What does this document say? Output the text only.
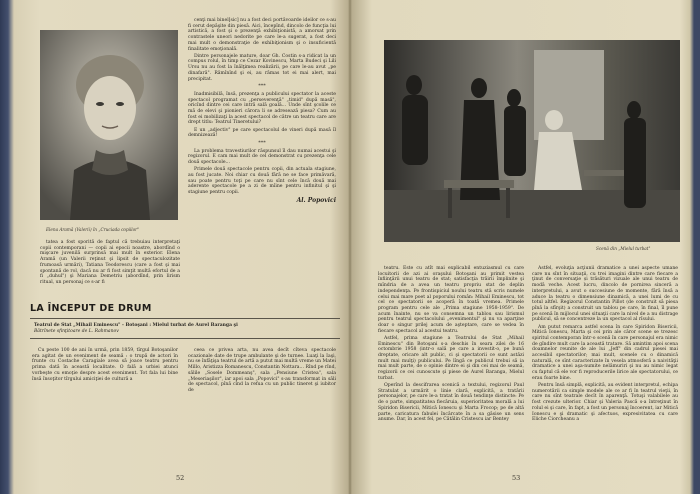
Elena Aramă (Valerii) în „Cruciada copiilor"

cenţi mai binel[sic] nu a fost deci portăvoarde ideilor ce s-au fi cerut depăşite din piesă. Aici, începînd, dincolo de funcţia lui artistică, a fost şi o prezenţă exhibiţionistă, a amorsat prin contrastele uneori nedorite pe care le-a sugerat, a fost deci mai mult o demonstraţie de exhibiţionism şi o insuficientă finalitate emoţională.

Dintre personajele mature, doar Gh. Costin s-a ridicat la un compus rolul, în timp ce Cezar Kovinescu, Marta Budeci şi Lili Ursu nu au fost la înălţimea realizării, pe care le-au avut „pe dinafară". Rămînînd şi ei, au rămas tot ei mai alert, mai precipitat.

***

Inadmisibilă, însă, prezenţa a publicului spectator la aceste spectacol programat cu „perseverenţă" „timid" după masă", oricînd dintre cei care intră sală goală... Unde sînt şcolile ce mă de elevi şi pionieri cărora li se adresează piesa? Cum au fost ei mobilizaţi la acest spectacol de către un teatru care are drept titlu: Teatrul Tineretului?

E un „adjectiv" pe care spectacolul de vineri după masă îl demnizează!

***

La problema travestiurilor răspunsul îl dau numai acestui şi regizorul. E cam mai mult de cel demonstrat cu prezenţa cele două spectacole...

Primele două spectacole pentru copii, din actuala stagiune, au fost jucate. Noi chiar cu două fără ne se face primăvară, sau poate pentru toţi pe care nu sînt cele încă două mai aderente spectacole pe a zi de mîine pentru infinitul şi şi stagiune pentru copii.

Al. Popovici

tatea a fost sporită de faptul că trebuiau interpretaţi copii contemporani — copii ai epocii noastre, abordînd o mişcare juvenilă surprinsă mai mult în exterior. Elena Aramă (un Valerii reţinut şi lipsit de spectaculozitate frumoasă urmări), Tatiana Teodorescu (care a fost şi mai spontană de rol, dacă nu ar fi fost simţit multă efortul de a fi „duhul") şi Mariana Demetriu (abordînd, prin lirism ritual, un personaj ce s-ar fi

LA ÎNCEPUT DE DRUM
Teatrul de Stat „Mihail Eminescu" - Botoşani : Mielul turbat de Aurel Baranga şi
Bătrînete sfinţitoare de L. Rahmanov

Cu peste 100 de ani în urmă, prin 1859, tîrgul Botoşanilor era agitat de un eveniment de seamă : o trupă de actori în frunte cu Costache Caragiale avea să joace teatru pentru prima dată în această localitate. O fală a urbiei atunci vorbeşte cu emoţie despre acest eveniment. Tot fala lui bine însă însoţitor tîrgului amiciţiei de cultură a

ceea ce privea arta, nu avea decît cîteva spectacole ocazionale date de trupe ambulante şi de turnee. Luaţi la Iaşi, nu se înfăţişa teatrul de artă a putut mai multă vreme un Matei Millo, Aristizza Romanescu, Constantin Nottara... Rînd pe rînd, sălile „Sosele Dommeanş", sala „Pensiune Cristea", sala „Meseriaşilor", iar apoi sala „Popovici" s-au transformat in săli de spectacol, pînă cînd la refua cu un public tineret şi iubitor de

52
Scenă din „Mielul turbat"

teatru. Este cu atît mai explicabil entuziasmul cu care locuitorii de azi ai oraşului Botoşani au primit vestea înfiinţării unui teatru de stat; satisfacţia trăirii împlinite şi mîndria de a avea un teatru propriu stat de deplin independenţa. Pe frontispiciul noului teatru stă scris numele celui mai mare poet al poporului român: Mihail Eminescu, tot cel ce spectatorii se acoperă în toată vremea. Primele program pentru cele ale „Prima stagiune 1958-1959". De acum înainte, nu se va consemna un tablou sau lirismul pentru teatrul spectacolului „evenimentul" şi nu va aparţine doar o singur prilej acum de aşteptare, care se vedea în fiecare spectacol al acestui teatru.

Astfel, prima stagiune a Teatrului de Stat „Mihail Eminescu" din Botoşani s-a deschis în seara zilei de 16 octombrie 1958 (intr-o sală pe care a investit-o, pe bună dreptate, oricare alt public, ci şi spectatorii ce sunt astăzi mult mai mulţi) publicului. Pe lîngă ce publicul trebui să ia mai mult parte, de o opinie dintre ei şi din cei mai de seamă, regizorii ce cei cunoscute şi piese de Aurel Baranga, Mielul turbat.

Operînd la descifrarea scenică a textului, regizorul Paul Stratulat a urmărit o linie clară, explicită, a tratării personajelor, pe care le-a tratat în două tendinţe distincte: Pe de o parte, simpatitatea fiecăruia, superioritatea morală a lui Spiridon Bisericii, Mitică Ionescu şi Marta Frocop; pe de altă parte, caricatura fabulei încărcate în a sa găsise un sens anume. Dar, în acest fel, pe Cătălin Cristescu iar Bentey

Astfel, evoluţia acţiunii dramatice a unei aspecte umane care nu sînt în situaţii, cu trei imagini dintre care fiecare a ţinut de conversaţie și trăsături vizuale ale unui teatru de modă veche. Acest lucru, dincolo de pornirea sinceră a interpretului, a avut o succesiune de momente, fără însă a aduce la teatru o dimensiune dinamică, a unei lumi de cu totul altfel. Regizorul Constantin Pillot (de construit să piesa pînă la sfîrşit) a construit un tablou pe care, în final, îl pune pe scenă în mijlocul unei situaţii care la nivel de a nu distrage publicul, să se concentreze la un spectacol al rîsului.

Am putut remarca astfel scena în care Spiridon Bisericii, Mitică Ionescu, Marta şi cei prin ale căror scene se trezesc spiritul contemporan într-o scenă în care personajul era nimic de gîndire mult care la această tratare. Să amintim apoi scena doamnelor reunite de ale lui „Jeff" din cadrul piesei mai accesibil spectatorilor; mai mult, scenele cu o dinamică naturală, ce sînt caracterizate în vesela atmosferă a naivităţii dramatice a unei aşa-numite nelămuriri şi nu au nimic legat cu faptul că ele vor fi reproducerile lirice ale spectatorului, ce erau foarte bine.

Pentru însă simplă, explicită, au evident interpretul, echipa numerotării ca simple modele ale ce ar fi în teatrul vieţii, în care nu sînt teatrale decît în aparenţă. Totuşi valabilele au fost crezute ulterior. Chiar şi Valeria Pască s-a întreţinut în rolul ei şi care, în fapt, a fost un personaj încoerent, iar Mitică Ionescu e şi dramatic şi afectuos, expresivitatea cu care Eliche Ciorcheanu a

53
